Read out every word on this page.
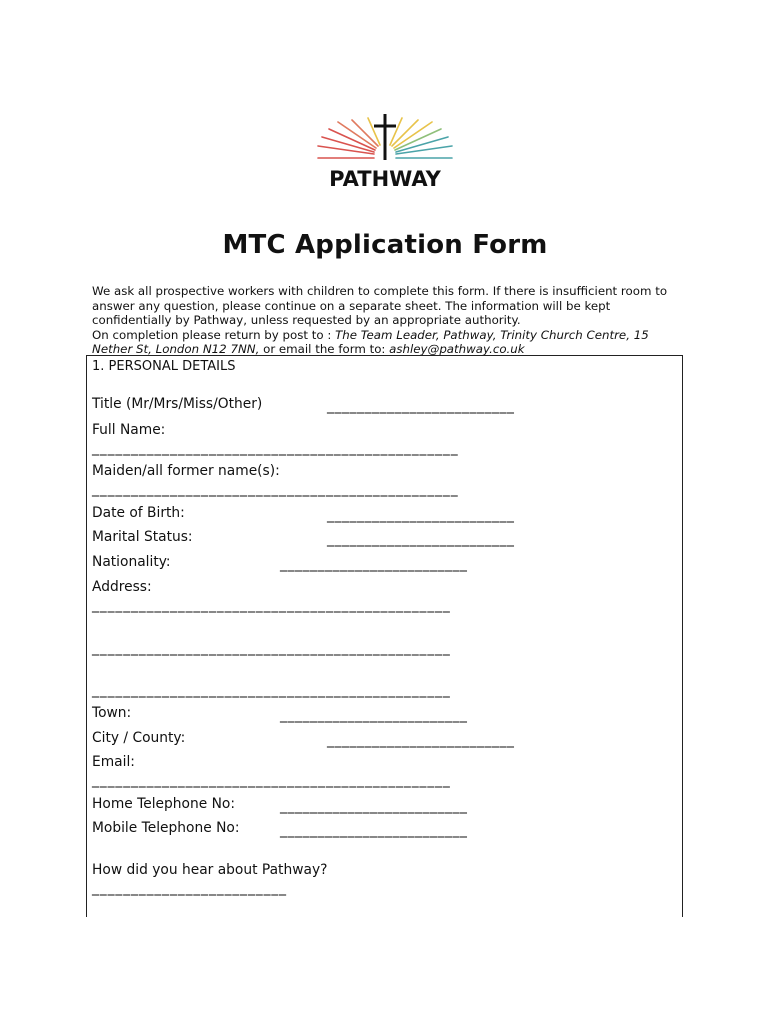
PATHWAY
MTC Application Form

We ask all prospective workers with children to complete this form. If there is insufficient room to answer any question, please continue on a separate sheet. The information will be kept confidentially by Pathway, unless requested by an appropriate authority.

On completion please return by post to : The Team Leader, Pathway, Trinity Church Centre, 15 Nether St, London N12 7NN, or email the form to: ashley@pathway.co.uk

1. PERSONAL DETAILS
Title (Mr/Mrs/Miss/Other)	_________________________
Full Name:
_______________________________________________
Maiden/all former name(s):
_______________________________________________
Date of Birth:	_________________________
Marital Status:	_________________________
Nationality:	_________________________
Address:
______________________________________________
______________________________________________
______________________________________________
Town:	_________________________
City / County:	_________________________
Email:
______________________________________________
Home Telephone No:	_________________________
Mobile Telephone No:	_________________________
How did you hear about Pathway?
_________________________
